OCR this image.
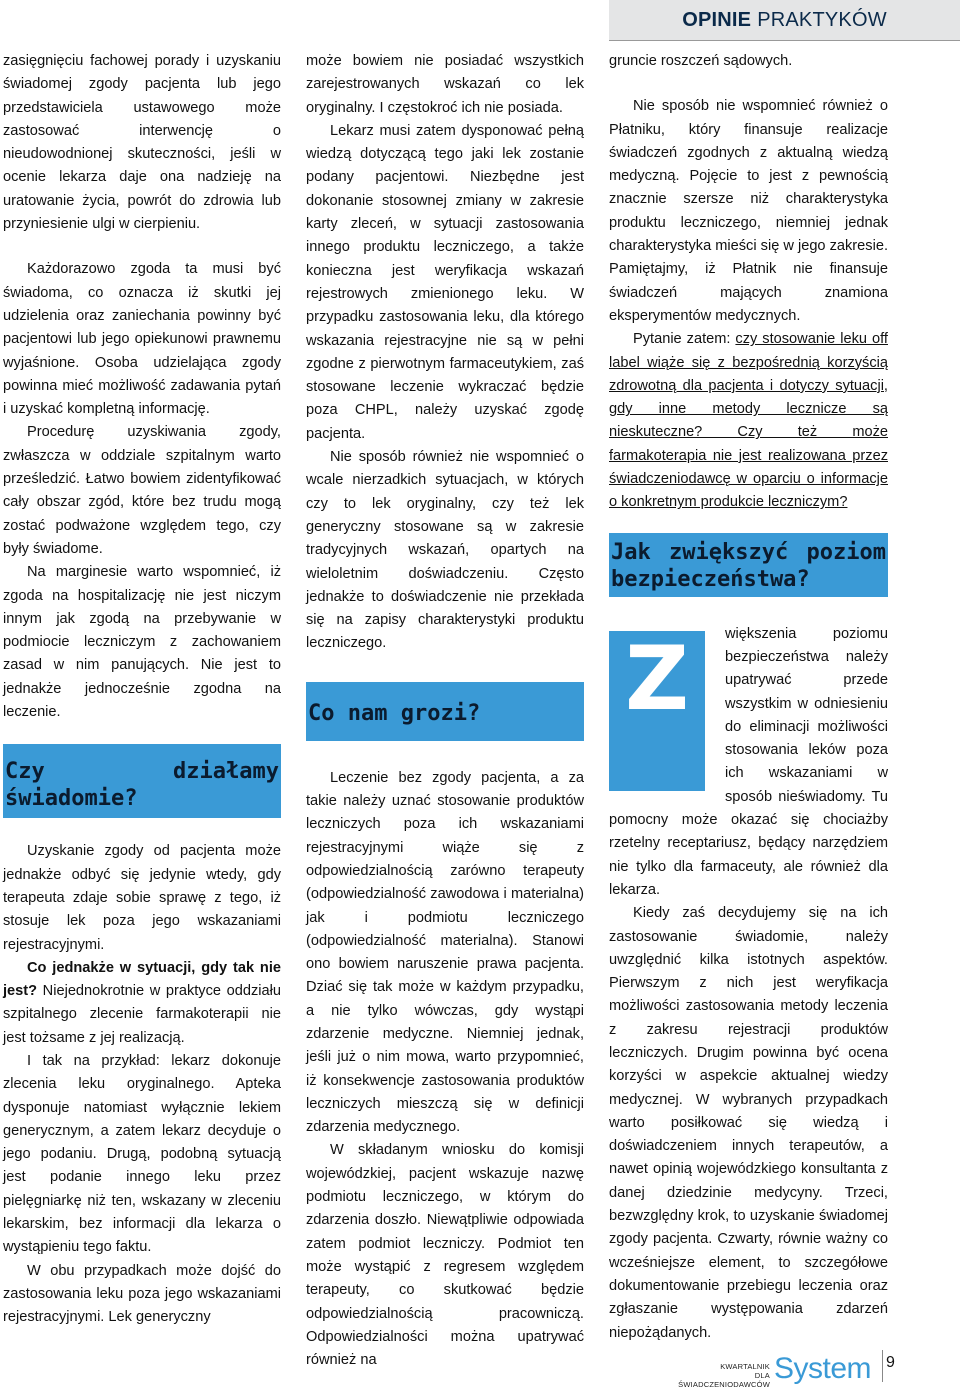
OPINIE PRAKTYKÓW

zasięgnięciu fachowej porady i uzyskaniu świadomej zgody pacjenta lub jego przedstawiciela ustawowego może zastosować interwencję o nieudowodnionej skuteczności, jeśli w ocenie lekarza daje ona nadzieję na uratowanie życia, powrót do zdrowia lub przyniesienie ulgi w cierpieniu.

Każdorazowo zgoda ta musi być świadoma, co oznacza iż skutki jej udzielenia oraz zaniechania powinny być pacjentowi lub jego opiekunowi prawnemu wyjaśnione. Osoba udzielająca zgody powinna mieć możliwość zadawania pytań i uzyskać kompletną informację.

Procedurę uzyskiwania zgody, zwłaszcza w oddziale szpitalnym warto prześledzić. Łatwo bowiem zidentyfikować cały obszar zgód, które bez trudu mogą zostać podważone względem tego, czy były świadome.

Na marginesie warto wspomnieć, iż zgoda na hospitalizację nie jest niczym innym jak zgodą na przebywanie w podmiocie leczniczym z zachowaniem zasad w nim panujących. Nie jest to jednakże jednocześnie zgodna na leczenie.

Czy działamy świadomie?

Uzyskanie zgody od pacjenta może jednakże odbyć się jedynie wtedy, gdy terapeuta zdaje sobie sprawę z tego, iż stosuje lek poza jego wskazaniami rejestracyjnymi.

Co jednakże w sytuacji, gdy tak nie jest? Niejednokrotnie w praktyce oddziału szpitalnego zlecenie farmakoterapii nie jest tożsame z jej realizacją.

I tak na przykład: lekarz dokonuje zlecenia leku oryginalnego. Apteka dysponuje natomiast wyłącznie lekiem generycznym, a zatem lekarz decyduje o jego podaniu. Drugą, podobną sytuacją jest podanie innego leku przez pielęgniarkę niż ten, wskazany w zleceniu lekarskim, bez informacji dla lekarza o wystąpieniu tego faktu.

W obu przypadkach może dojść do zastosowania leku poza jego wskazaniami rejestracyjnymi. Lek generyczny

może bowiem nie posiadać wszystkich zarejestrowanych wskazań co lek oryginalny. I częstokroć ich nie posiada.

Lekarz musi zatem dysponować pełną wiedzą dotyczącą tego jaki lek zostanie podany pacjentowi. Niezbędne jest dokonanie stosownej zmiany w zakresie karty zleceń, w sytuacji zastosowania innego produktu leczniczego, a także konieczna jest weryfikacja wskazań rejestrowych zmienionego leku. W przypadku zastosowania leku, dla którego wskazania rejestracyjne nie są w pełni zgodne z pierwotnym farmaceutykiem, zaś stosowane leczenie wykraczać będzie poza CHPL, należy uzyskać zgodę pacjenta.

Nie sposób również nie wspomnieć o wcale nierzadkich sytuacjach, w których czy to lek oryginalny, czy też lek generyczny stosowane są w zakresie tradycyjnych wskazań, opartych na wieloletnim doświadczeniu. Często jednakże to doświadczenie nie przekłada się na zapisy charakterystyki produktu leczniczego.

Co nam grozi?

Leczenie bez zgody pacjenta, a za takie należy uznać stosowanie produktów leczniczych poza ich wskazaniami rejestracyjnymi wiąże się z odpowiedzialnością zarówno terapeuty (odpowiedzialność zawodowa i materialna) jak i podmiotu leczniczego (odpowiedzialność materialna). Stanowi ono bowiem naruszenie prawa pacjenta. Dziać się tak może w każdym przypadku, a nie tylko wówczas, gdy wystąpi zdarzenie medyczne. Niemniej jednak, jeśli już o nim mowa, warto przypomnieć, iż konsekwencje zastosowania produktów leczniczych mieszczą się w definicji zdarzenia medycznego.

W składanym wniosku do komisji wojewódzkiej, pacjent wskazuje nazwę podmiotu leczniczego, w którym do zdarzenia doszło. Niewątpliwie odpowiada zatem podmiot leczniczy. Podmiot ten może wystąpić z regresem względem terapeuty, co skutkować będzie odpowiedzialnością pracowniczą. Odpowiedzialności można upatrywać również na

gruncie roszczeń sądowych.

Nie sposób nie wspomnieć również o Płatniku, który finansuje realizacje świadczeń zgodnych z aktualną wiedzą medyczną. Pojęcie to jest z pewnością znacznie szersze niż charakterystyka produktu leczniczego, niemniej jednak charakterystyka mieści się w jego zakresie. Pamiętajmy, iż Płatnik nie finansuje świadczeń mających znamiona eksperymentów medycznych.

Pytanie zatem: czy stosowanie leku off label wiąże się z bezpośrednią korzyścią zdrowotną dla pacjenta i dotyczy sytuacji, gdy inne metody lecznicze są nieskuteczne? Czy też może farmakoterapia nie jest realizowana przez świadczeniodawcę w oparciu o informacje o konkretnym produkcie leczniczym?

Jak zwiększyć poziom bezpieczeństwa?
Z	większenia poziomu bezpieczeństwa należy upatrywać przede wszystkim w odniesieniu do eliminacji możliwości stosowania leków poza ich wskazaniami w sposób nieświadomy. Tu pomocny może okazać się chociażby rzetelny receptariusz, będący narzędziem nie tylko dla farmaceuty, ale również dla lekarza.

Kiedy zaś decydujemy się na ich zastosowanie świadomie, należy uwzględnić kilka istotnych aspektów. Pierwszym z nich jest weryfikacja możliwości zastosowania metody leczenia z zakresu rejestracji produktów leczniczych. Drugim powinna być ocena korzyści w aspekcie aktualnej wiedzy medycznej. W wybranych przypadkach warto posiłkować się wiedzą i doświadczeniem innych terapeutów, a nawet opinią wojewódzkiego konsultanta z danej dziedzinie medycyny. Trzeci, bezwzględny krok, to uzyskanie świadomej zgody pacjenta. Czwarty, równie ważny co wcześniejsze element, to szczegółowe dokumentowanie przebiegu leczenia oraz zgłaszanie występowania zdarzeń niepożądanych.

KWARTALNIK
DLA ŚWIADCZENIODAWCÓW System 9
